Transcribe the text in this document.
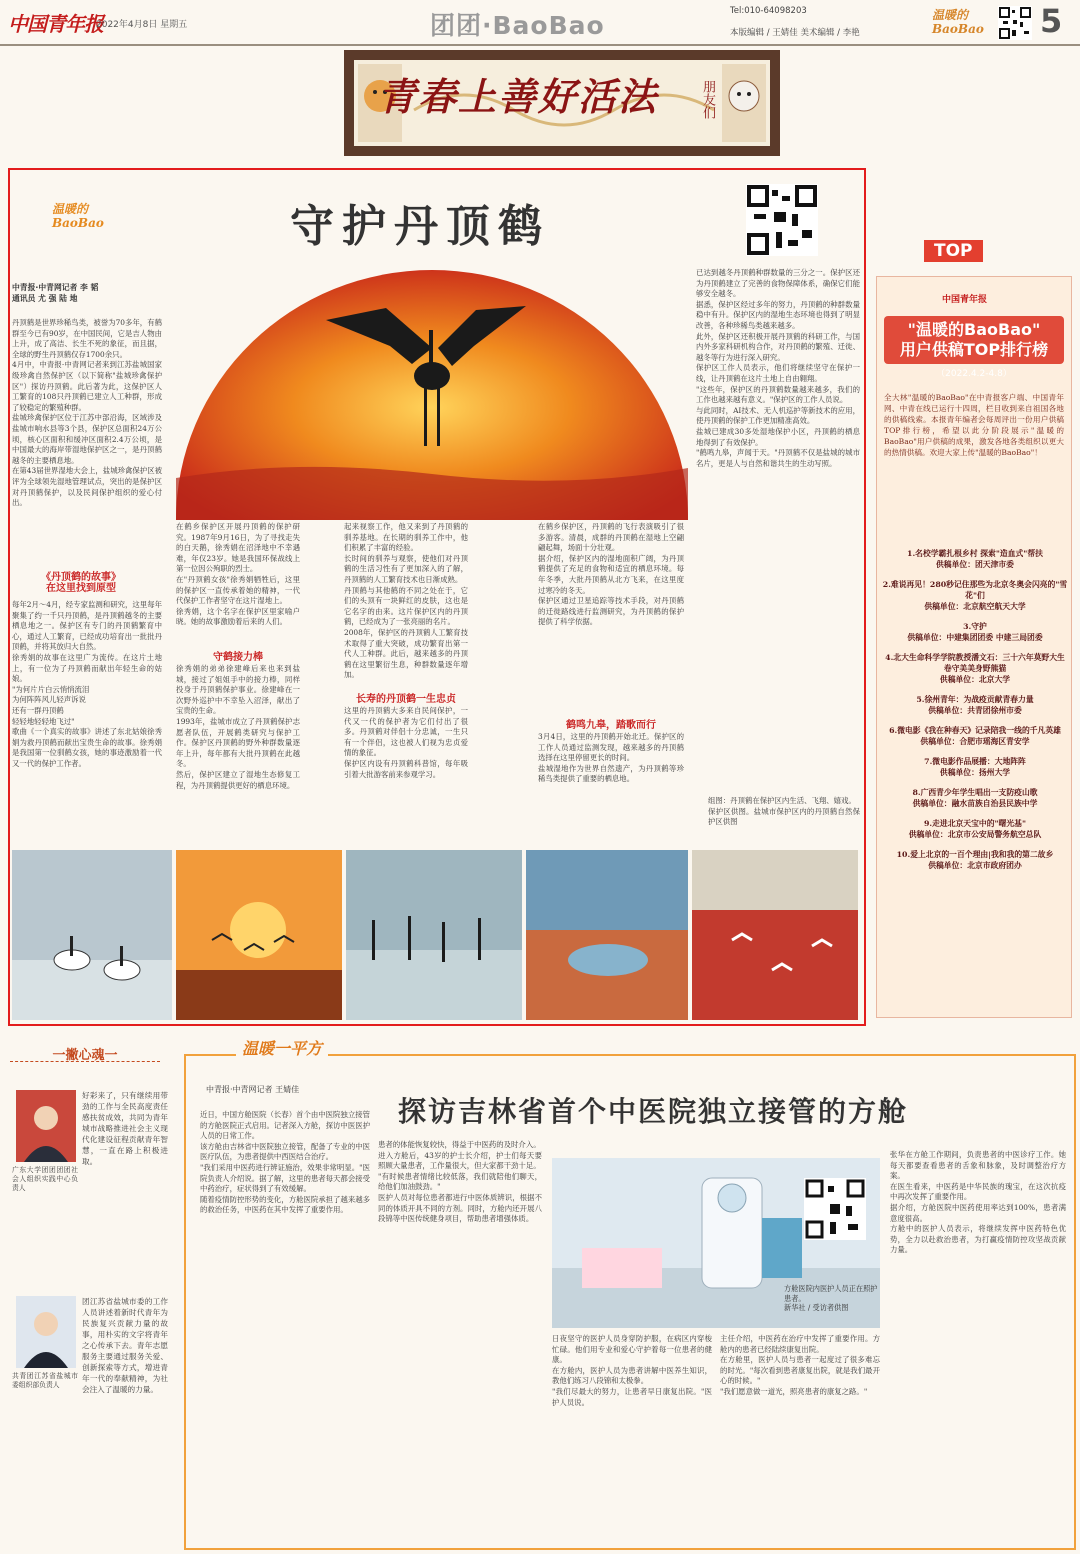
中国青年报
2022年4月8日 星期五	团团·BaoBao	Tel:010-64098203
本版编辑 / 王婧佳 美术编辑 / 李艳
温暖的BaoBao	5
青春上善好活法	朋友们
温暖的BaoBao	守护丹顶鹤
中青报·中青网记者 李 韬
通讯员 尤 强 陆 地
丹顶鹤是世界珍稀鸟类，被誉为70多年，有鹤群至今已有90岁，在中国民间，它是吉人物由上升，成了高洁、长生不死的象征，而且据，全球的野生丹顶鹤仅存1700余只。
4月中，中青报·中青网记者来到江苏盐城国家级珍禽自然保护区（以下简称"盐城珍禽保护区"）探访丹顶鹤。此后著为此，这保护区人工繁育的108只丹顶鹤已建立人工种群，形成了较稳定的繁殖种群。
盐城珍禽保护区位于江苏中部沿海，区域涉及盐城市响水县等3个县，保护区总面积24万公顷，核心区面积和缓冲区面积2.4万公顷，是中国最大的海岸带湿地保护区之一，是丹顶鹤越冬的主要栖息地。
在第43届世界湿地大会上，盐城珍禽保护区被评为全球领先湿地管理试点，突出的是保护区对丹顶鹤保护，以及民间保护组织的爱心付出。
《丹顶鹤的故事》
在这里找到原型
每年2月～4月，经专家监测和研究，这里每年聚集了约一千只丹顶鹤，是丹顶鹤越冬的主要栖息地之一。保护区有专门的丹顶鹤繁育中心，通过人工繁育，已经成功培育出一批批丹顶鹤，并将其放归大自然。
徐秀娟的故事在这里广为流传。在这片土地上，有一位为了丹顶鹤而献出年轻生命的姑娘。
"为何片片白云悄悄流泪
为何阵阵风儿轻声诉说
还有一群丹顶鹤
轻轻地轻轻地飞过"
歌曲《一个真实的故事》讲述了东北姑娘徐秀娟为救丹顶鹤而献出宝贵生命的故事。徐秀娟是我国第一位驯鹤女孩，她的事迹激励着一代又一代的保护工作者。
在鹤乡保护区开展丹顶鹤的保护研究。1987年9月16日，为了寻找走失的白天鹅，徐秀娟在沼泽地中不幸遇难，年仅23岁。她是我国环保战线上第一位因公殉职的烈士。
在"丹顶鹤女孩"徐秀娟牺牲后，这里的保护区一直传承着她的精神，一代代保护工作者坚守在这片湿地上。
徐秀娟，这个名字在保护区里家喻户晓。她的故事激励着后来的人们。
守鹤接力棒
徐秀娟的弟弟徐建峰后来也来到盐城，接过了姐姐手中的接力棒，同样投身于丹顶鹤保护事业。徐建峰在一次野外巡护中不幸坠入沼泽，献出了宝贵的生命。
1993年，盐城市成立了丹顶鹤保护志愿者队伍，开展鹤类研究与保护工作。保护区丹顶鹤的野外种群数量逐年上升，每年都有大批丹顶鹤在此越冬。
然后，保护区建立了湿地生态修复工程，为丹顶鹤提供更好的栖息环境。
起来视察工作，他又来到了丹顶鹤的驯养基地。在长期的驯养工作中，他们积累了丰富的经验。
长时间的驯养与观察，使他们对丹顶鹤的生活习性有了更加深入的了解，丹顶鹤的人工繁育技术也日渐成熟。
丹顶鹤与其他鹤的不同之处在于，它们的头顶有一块鲜红的皮肤，这也是它名字的由来。这片保护区内的丹顶鹤，已经成为了一张亮丽的名片。
2008年，保护区的丹顶鹤人工繁育技术取得了重大突破，成功繁育出第一代人工种群。此后，越来越多的丹顶鹤在这里繁衍生息，种群数量逐年增加。
长寿的丹顶鹤一生忠贞
这里的丹顶鹤大多来自民间保护，一代又一代的保护者为它们付出了很多。丹顶鹤对伴侣十分忠诚，一生只有一个伴侣，这也被人们视为忠贞爱情的象征。
保护区内设有丹顶鹤科普馆，每年吸引着大批游客前来参观学习。
在鹤乡保护区，丹顶鹤的飞行表演吸引了很多游客。清晨，成群的丹顶鹤在湿地上空翩翩起舞，场面十分壮观。
据介绍，保护区内的湿地面积广阔，为丹顶鹤提供了充足的食物和适宜的栖息环境。每年冬季，大批丹顶鹤从北方飞来，在这里度过寒冷的冬天。
保护区通过卫星追踪等技术手段，对丹顶鹤的迁徙路线进行监测研究，为丹顶鹤的保护提供了科学依据。
鹤鸣九皋，踏歌而行
3月4日，这里的丹顶鹤开始北迁。保护区的工作人员通过监测发现，越来越多的丹顶鹤选择在这里停留更长的时间。
盐城湿地作为世界自然遗产，为丹顶鹤等珍稀鸟类提供了重要的栖息地。
已达到越冬丹顶鹤种群数量的三分之一。保护区还为丹顶鹤建立了完善的食物保障体系，确保它们能够安全越冬。
据悉，保护区经过多年的努力，丹顶鹤的种群数量稳中有升。保护区内的湿地生态环境也得到了明显改善，各种珍稀鸟类越来越多。
此外，保护区还积极开展丹顶鹤的科研工作，与国内外多家科研机构合作，对丹顶鹤的繁殖、迁徙、越冬等行为进行深入研究。
保护区工作人员表示，他们将继续坚守在保护一线，让丹顶鹤在这片土地上自由翱翔。
"这些年，保护区的丹顶鹤数量越来越多，我们的工作也越来越有意义。"保护区的工作人员说。
与此同时，AI技术、无人机巡护等新技术的应用，使丹顶鹤的保护工作更加精准高效。
盐城已建成30多处湿地保护小区，丹顶鹤的栖息地得到了有效保护。
"鹤鸣九皋，声闻于天。"丹顶鹤不仅是盐城的城市名片，更是人与自然和谐共生的生动写照。
组图：丹顶鹤在保护区内生活、飞翔、嬉戏。
保护区供图。盐城市保护区内的丹顶鹤自然保护区供图
TOP
中国青年报
"温暖的BaoBao"
用户供稿TOP排行榜
（2022.4.2-4.8）
全大林"温暖的BaoBao"在中青报客户端、中国青年网、中青在线已运行十四周，栏目收到来自祖国各地的供稿线索。本报青年编者会每周评出一份用户供稿TOP排行榜，希望以此分阶段展示"温暖的BaoBao"用户供稿的成果，激发各地各类组织以更大的热情供稿。欢迎大家上传"温暖的BaoBao"！
1.名校学霸扎根乡村 探索"造血式"帮扶
供稿单位：团天津市委
2.难说再见！280秒记住那些为北京冬奥会闪亮的"雪花"们
供稿单位：北京航空航天大学
3.守护
供稿单位：中建集团团委 中建三局团委
4.北大生命科学学院教授潘文石：三十六年莫野大生 卷守美美身野熊猫
供稿单位：北京大学
5.徐州青年：为战疫贡献青春力量
供稿单位：共青团徐州市委
6.微电影《我在种春天》记录陪我一线的千凡英雄
供稿单位：合肥市瑶海区青安学
7.微电影作品展播：大地阵阵
供稿单位：扬州大学
8.广西青少年学生唱出一支防疫山歌
供稿单位：融水苗族自治县民族中学
9.走进北京天宝中的"曙光基"
供稿单位：北京市公安局警务航空总队
10.爱上北京的一百个理由|我和我的第二故乡
供稿单位：北京市政府团办
一撇心魂一
好彩来了，只有继续用带劲的工作与全民高度责任感扶贫成效，共同为青年城市战略推进社会主义现代化建设征程贡献青年智慧，一直在路上积极进取。
广东大学团团团团社会人组织实践中心负责人
团江苏省盐城市委的工作人员讲述着新时代青年为民族复兴贡献力量的故事，用朴实的文字将青年之心传承下去。青年志愿服务主要通过服务关爱、创新探索等方式，增进青年一代的奉献精神，为社会注入了温暖的力量。
共青团江苏省盐城市委组织部负责人
温暖一平方
中青报·中青网记者 王婧佳
探访吉林省首个中医院独立接管的方舱
近日，中国方舱医院（长春）首个由中医院独立接管的方舱医院正式启用。记者深入方舱，探访中医医护人员的日常工作。
该方舱由吉林省中医院独立接管，配备了专业的中医医疗队伍，为患者提供中西医结合治疗。
"我们采用中医药进行辨证施治，效果非常明显。"医院负责人介绍说。据了解，这里的患者每天都会接受中药治疗，症状得到了有效缓解。
随着疫情防控形势的变化，方舱医院承担了越来越多的救治任务，中医药在其中发挥了重要作用。
患者的体能恢复较快，得益于中医药的及时介入。
进入方舱后，43岁的护士长介绍，护士们每天要照顾大量患者，工作量很大，但大家都干劲十足。
"有时候患者情绪比较低落，我们就陪他们聊天，给他们加油鼓劲。"
医护人员对每位患者都进行中医体质辨识，根据不同的体质开具不同的方剂。同时，方舱内还开展八段锦等中医传统健身项目，帮助患者增强体质。
方舱医院内医护人员正在照护患者。
新华社 / 受访者供图
日夜坚守的医护人员身穿防护服，在病区内穿梭忙碌。他们用专业和爱心守护着每一位患者的健康。
在方舱内，医护人员为患者讲解中医养生知识，教他们练习八段锦和太极拳。
"我们尽最大的努力，让患者早日康复出院。"医护人员说。
主任介绍，中医药在治疗中发挥了重要作用。方舱内的患者已经陆续康复出院。
在方舱里，医护人员与患者一起度过了很多难忘的时光。"每次看到患者康复出院，就是我们最开心的时候。"
"我们愿意做一道光，照亮患者的康复之路。"
张华在方舱工作期间，负责患者的中医诊疗工作。她每天都要查看患者的舌象和脉象，及时调整治疗方案。
在医生看来，中医药是中华民族的瑰宝，在这次抗疫中再次发挥了重要作用。
据介绍，方舱医院中医药使用率达到100%，患者满意度很高。
方舱中的医护人员表示，将继续发挥中医药特色优势，全力以赴救治患者，为打赢疫情防控攻坚战贡献力量。
